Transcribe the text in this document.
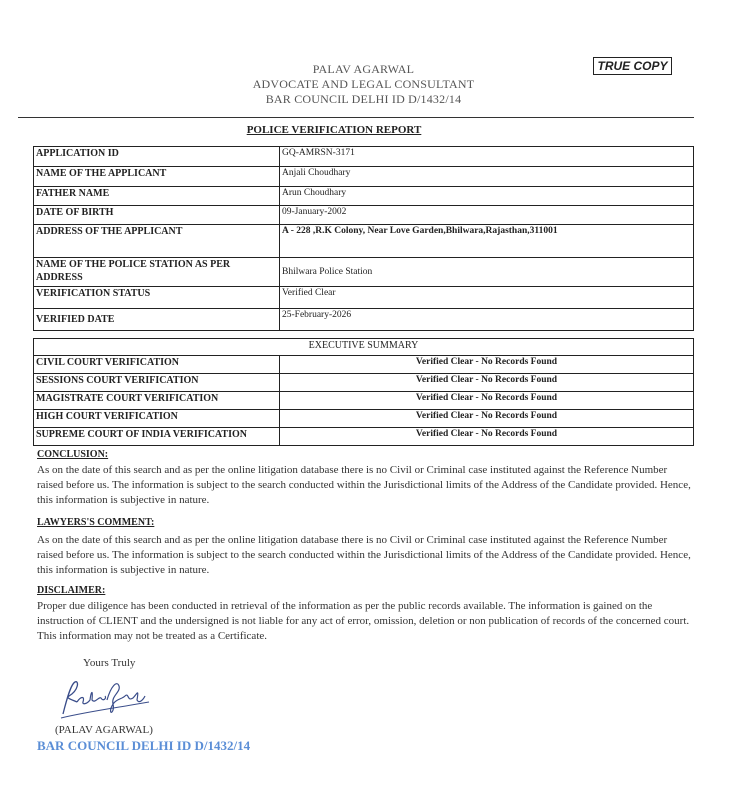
TRUE COPY
PALAV AGARWAL
ADVOCATE AND LEGAL CONSULTANT
BAR COUNCIL DELHI ID D/1432/14
POLICE VERIFICATION REPORT
APPLICATION ID	GQ-AMRSN-3171
NAME OF THE APPLICANT	Anjali Choudhary
FATHER NAME	Arun Choudhary
DATE OF BIRTH	09-January-2002
ADDRESS OF THE APPLICANT	A - 228 ,R.K Colony, Near Love Garden,Bhilwara,Rajasthan,311001
NAME OF THE POLICE STATION AS PER ADDRESS	Bhilwara Police Station
VERIFICATION STATUS	Verified Clear
VERIFIED DATE	25-February-2026
EXECUTIVE SUMMARY	
CIVIL COURT VERIFICATION	Verified Clear - No Records Found
SESSIONS COURT VERIFICATION	Verified Clear - No Records Found
MAGISTRATE COURT VERIFICATION	Verified Clear - No Records Found
HIGH COURT VERIFICATION	Verified Clear - No Records Found
SUPREME COURT OF INDIA VERIFICATION	Verified Clear - No Records Found
CONCLUSION:
As on the date of this search and as per the online litigation database there is no Civil or Criminal case instituted against the Reference Number raised before us. The information is subject to the search conducted within the Jurisdictional limits of the Address of the Candidate provided. Hence, this information is subjective in nature.
LAWYERS'S COMMENT:
As on the date of this search and as per the online litigation database there is no Civil or Criminal case instituted against the Reference Number raised before us. The information is subject to the search conducted within the Jurisdictional limits of the Address of the Candidate provided. Hence, this information is subjective in nature.
DISCLAIMER:
Proper due diligence has been conducted in retrieval of the information as per the public records available. The information is gained on the instruction of CLIENT and the undersigned is not liable for any act of error, omission, deletion or non publication of records of the concerned court. This information may not be treated as a Certificate.
Yours Truly
(PALAV AGARWAL)
BAR COUNCIL DELHI ID D/1432/14
